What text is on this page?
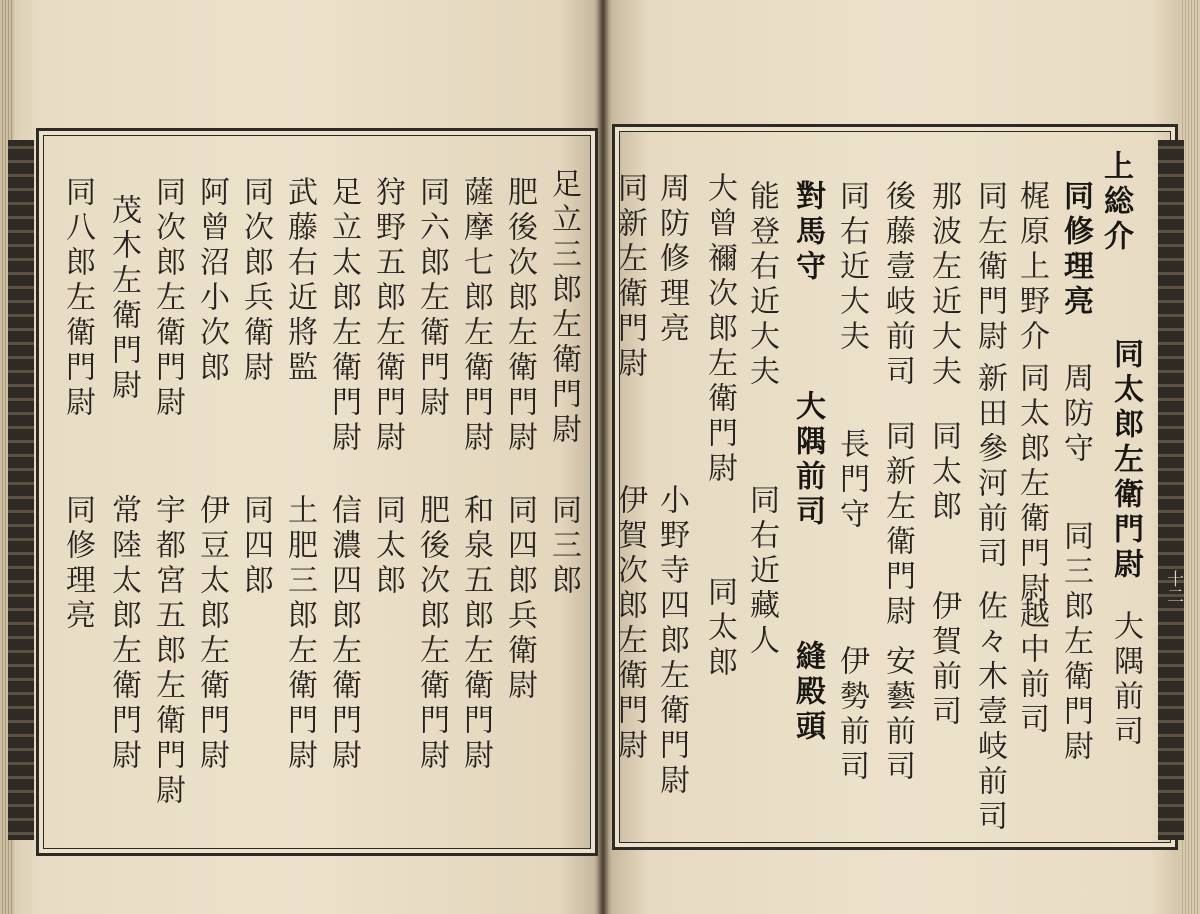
十二
上総介
同修理亮
梶原上野介
同左衛門尉
那波左近大夫
後藤壹岐前司
同右近大夫
對馬守
能登右近大夫
大曾禰次郎左衛門尉
周防修理亮
同新左衛門尉
同太郎左衛門尉
周防守
同三郎左衛門尉 大隅前司
同太郎左衛門尉
越中前司
新田參河前司
佐々木壹岐前司
同太郎
伊賀前司
同新左衛門尉
安藝前司
長門守
伊勢前司
大隅前司
縫殿頭
同右近藏人
同太郎
小野寺四郎左衛門尉
伊賀次郎左衛門尉
足立三郎左衛門尉
肥後次郎左衛門尉
薩摩七郎左衛門尉
同六郎左衛門尉
狩野五郎左衛門尉
足立太郎左衛門尉
武藤右近將監
同次郎兵衛尉
阿曾沼小次郎
同次郎左衛門尉
茂木左衛門尉
同八郎左衛門尉
同三郎
同四郎兵衛尉
和泉五郎左衛門尉
肥後次郎左衛門尉
同太郎
信濃四郎左衛門尉
土肥三郎左衛門尉
同四郎
伊豆太郎左衛門尉
宇都宮五郎左衛門尉
常陸太郎左衛門尉
同修理亮
